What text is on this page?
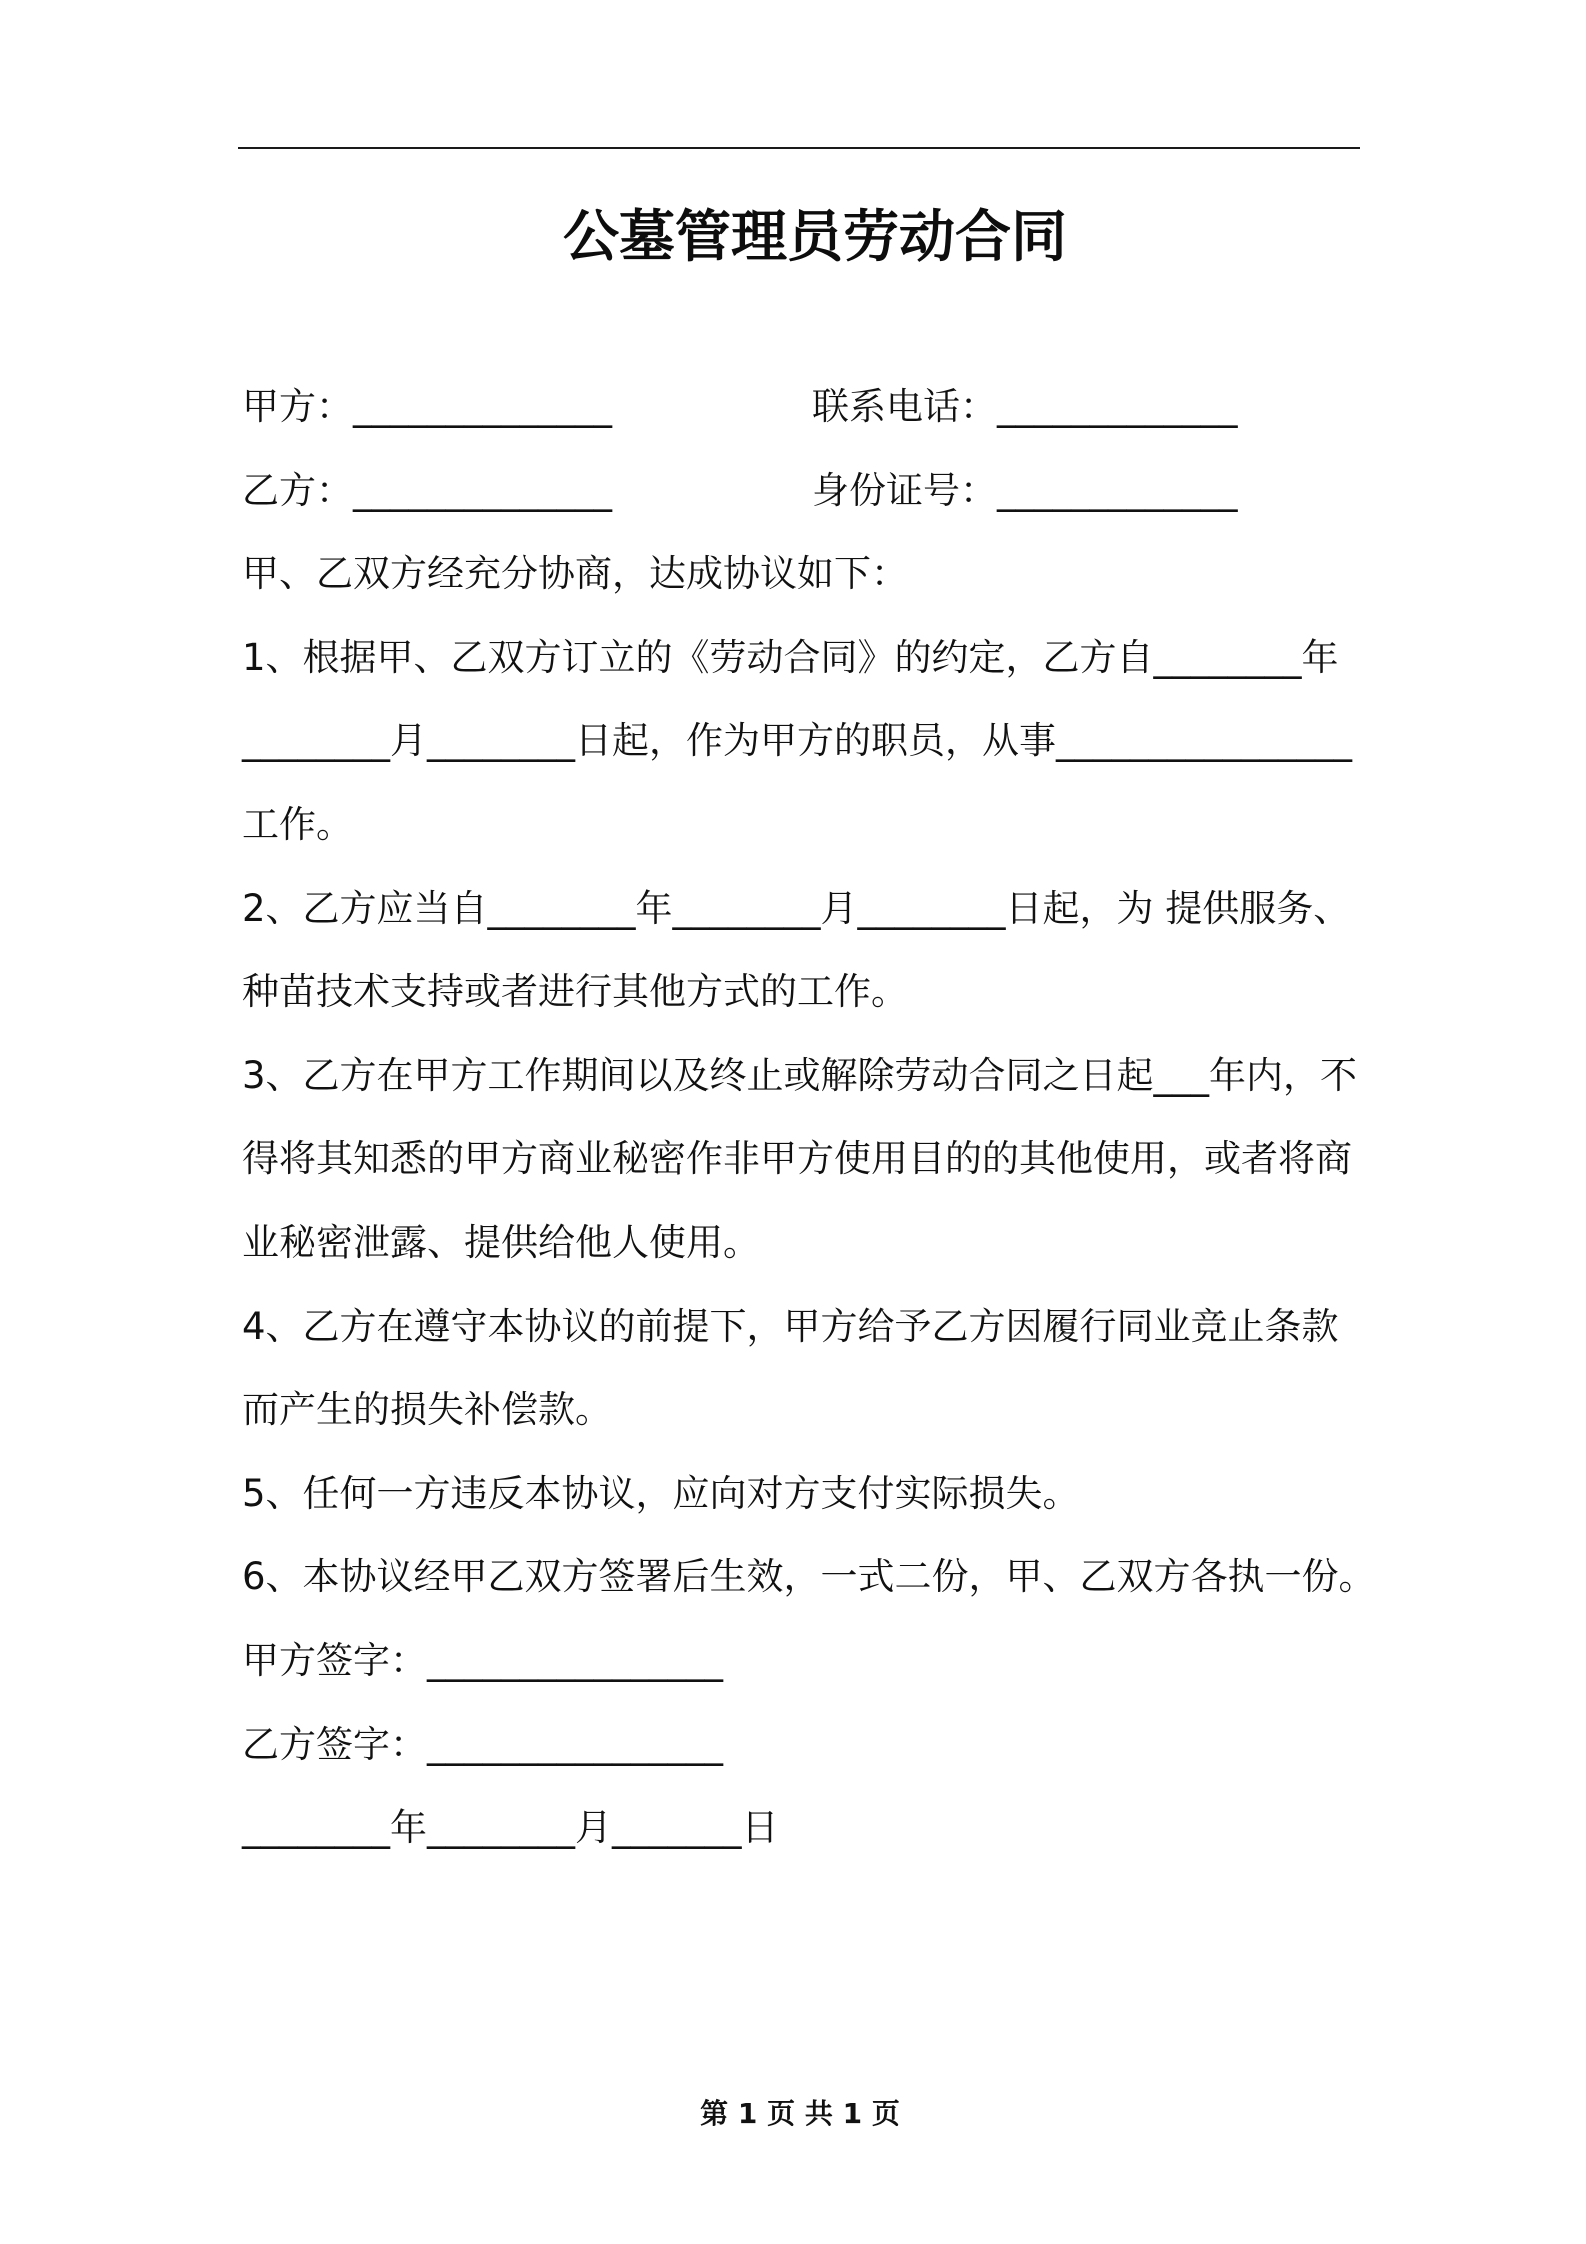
公墓管理员劳动合同
甲方：______________	联系电话：_____________
乙方：______________	身份证号：_____________
甲、乙双方经充分协商，达成协议如下：
1、根据甲、乙双方订立的《劳动合同》的约定，乙方自________年
________月________日起，作为甲方的职员，从事________________
工作。
2、乙方应当自________年________月________日起，为 提供服务、
种苗技术支持或者进行其他方式的工作。
3、乙方在甲方工作期间以及终止或解除劳动合同之日起___年内，不
得将其知悉的甲方商业秘密作非甲方使用目的的其他使用，或者将商
业秘密泄露、提供给他人使用。
4、乙方在遵守本协议的前提下，甲方给予乙方因履行同业竞止条款
而产生的损失补偿款。
5、任何一方违反本协议，应向对方支付实际损失。
6、本协议经甲乙双方签署后生效，一式二份，甲、乙双方各执一份。
甲方签字：________________
乙方签字：________________
________年________月_______日
第 1 页 共 1 页
